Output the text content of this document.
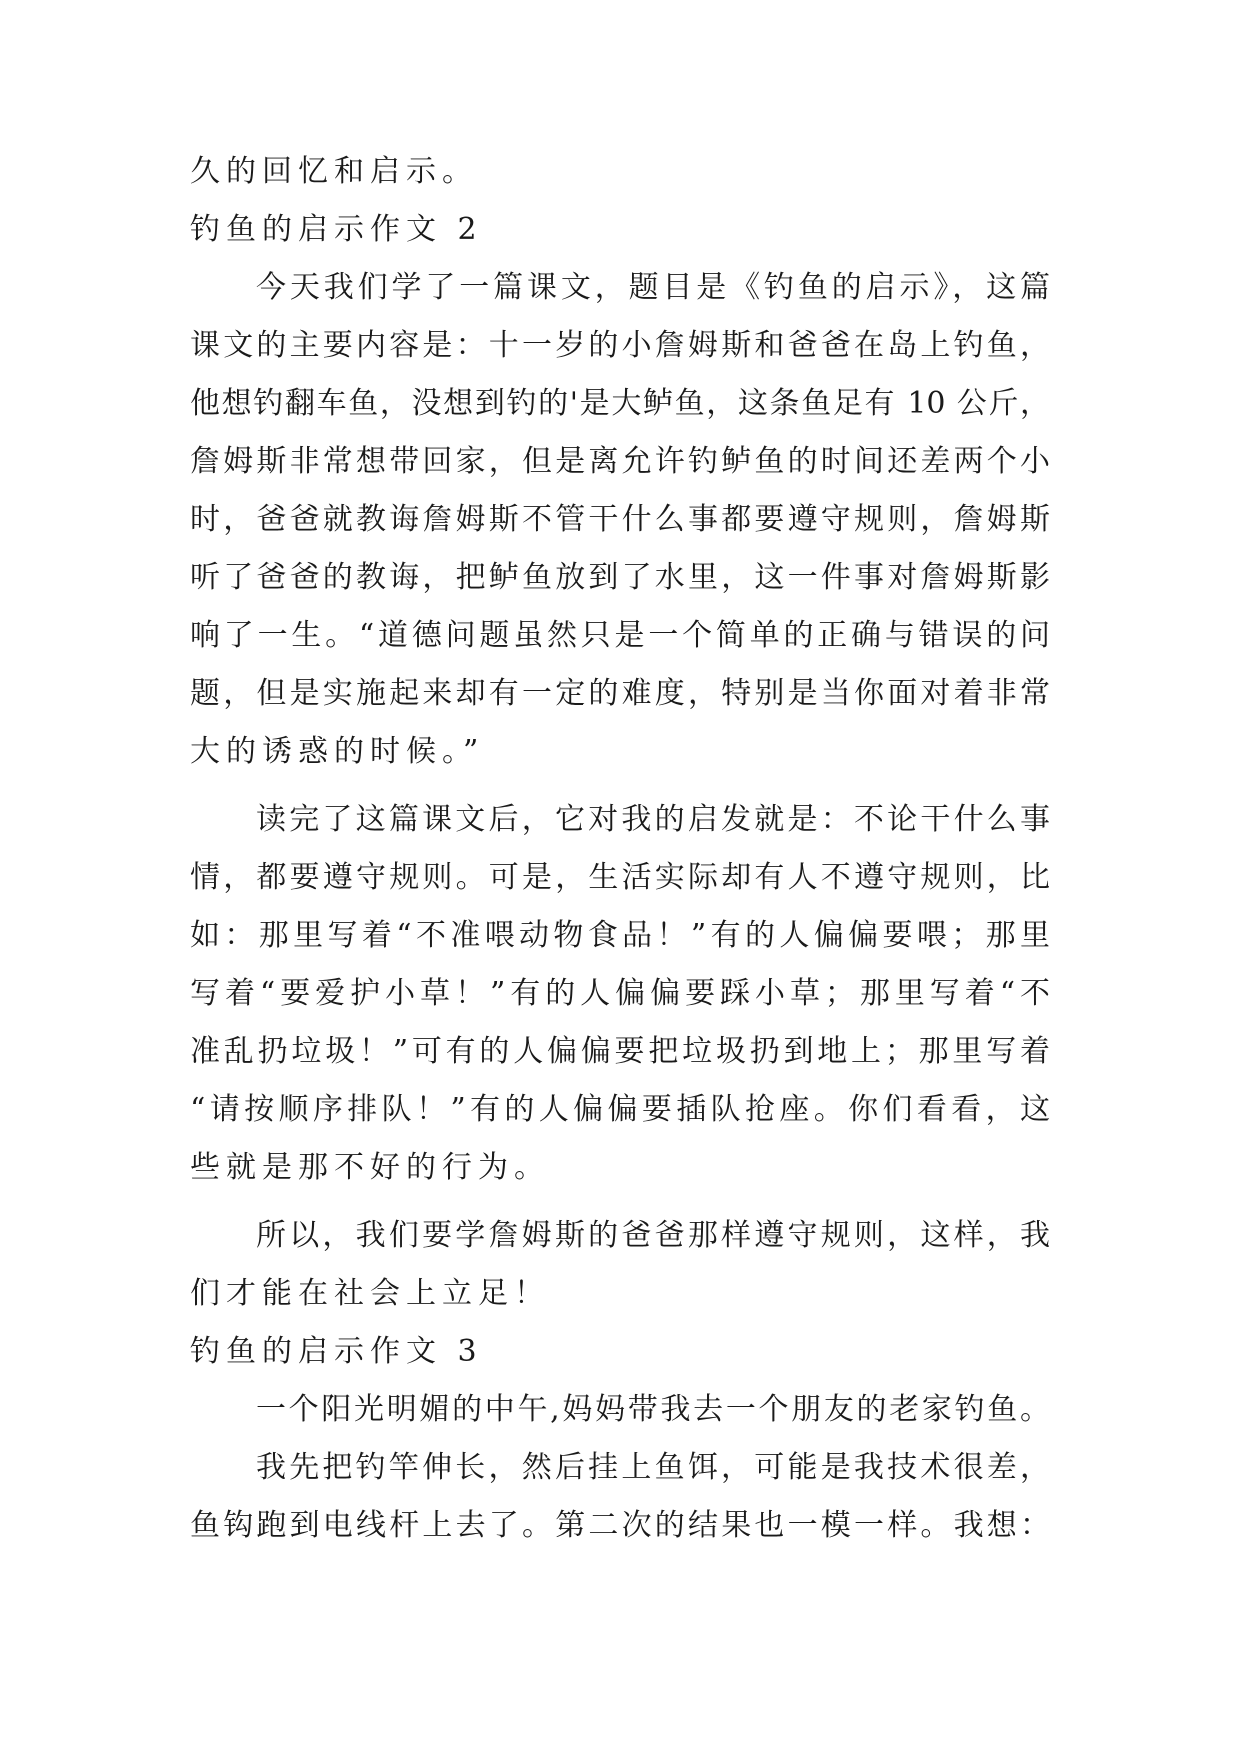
久的回忆和启示。
钓鱼的启示作文 2
今天我们学了一篇课文，题目是《钓鱼的启示》，这篇
课文的主要内容是：十一岁的小詹姆斯和爸爸在岛上钓鱼，
他想钓翻车鱼，没想到钓的'是大鲈鱼，这条鱼足有 10 公斤，
詹姆斯非常想带回家，但是离允许钓鲈鱼的时间还差两个小
时，爸爸就教诲詹姆斯不管干什么事都要遵守规则，詹姆斯
听了爸爸的教诲，把鲈鱼放到了水里，这一件事对詹姆斯影
响了一生。“道德问题虽然只是一个简单的正确与错误的问
题，但是实施起来却有一定的难度，特别是当你面对着非常
大的诱惑的时候。”
读完了这篇课文后，它对我的启发就是：不论干什么事
情，都要遵守规则。可是，生活实际却有人不遵守规则，比
如：那里写着“不准喂动物食品！”有的人偏偏要喂；那里
写着“要爱护小草！”有的人偏偏要踩小草；那里写着“不
准乱扔垃圾！”可有的人偏偏要把垃圾扔到地上；那里写着
“请按顺序排队！”有的人偏偏要插队抢座。你们看看，这
些就是那不好的行为。
所以，我们要学詹姆斯的爸爸那样遵守规则，这样，我
们才能在社会上立足！
钓鱼的启示作文 3
一个阳光明媚的中午,妈妈带我去一个朋友的老家钓鱼。
我先把钓竿伸长，然后挂上鱼饵，可能是我技术很差，
鱼钩跑到电线杆上去了。第二次的结果也一模一样。我想：
